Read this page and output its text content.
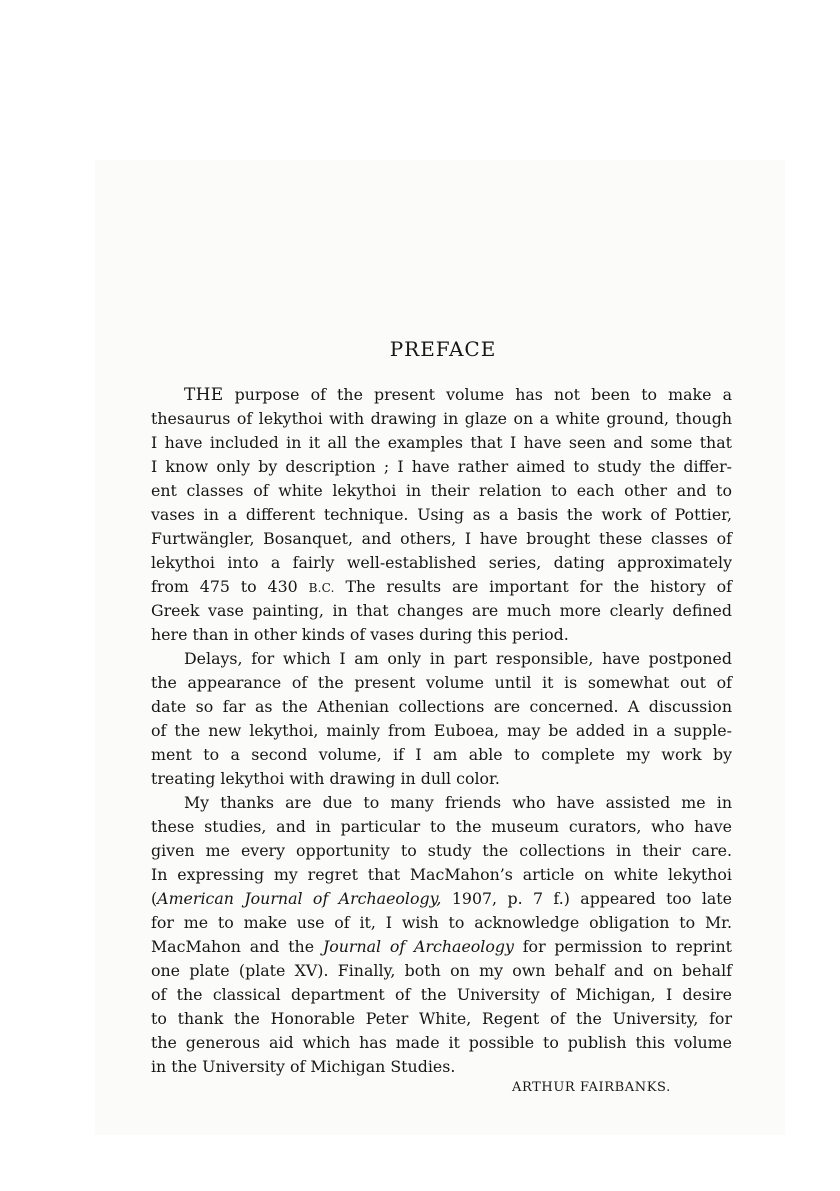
PREFACE
THE purpose of the present volume has not been to make a
thesaurus of lekythoi with drawing in glaze on a white ground, though
I have included in it all the examples that I have seen and some that
I know only by description ; I have rather aimed to study the differ-
ent classes of white lekythoi in their relation to each other and to
vases in a different technique. Using as a basis the work of Pottier,
Furtwängler, Bosanquet, and others, I have brought these classes of
lekythoi into a fairly well-established series, dating approximately
from 475 to 430 B.C. The results are important for the history of
Greek vase painting, in that changes are much more clearly defined
here than in other kinds of vases during this period.
Delays, for which I am only in part responsible, have postponed
the appearance of the present volume until it is somewhat out of
date so far as the Athenian collections are concerned. A discussion
of the new lekythoi, mainly from Euboea, may be added in a supple-
ment to a second volume, if I am able to complete my work by
treating lekythoi with drawing in dull color.
My thanks are due to many friends who have assisted me in
these studies, and in particular to the museum curators, who have
given me every opportunity to study the collections in their care.
In expressing my regret that MacMahon’s article on white lekythoi
(American Journal of Archaeology, 1907, p. 7 f.) appeared too late
for me to make use of it, I wish to acknowledge obligation to Mr.
MacMahon and the Journal of Archaeology for permission to reprint
one plate (plate XV). Finally, both on my own behalf and on behalf
of the classical department of the University of Michigan, I desire
to thank the Honorable Peter White, Regent of the University, for
the generous aid which has made it possible to publish this volume
in the University of Michigan Studies.
ARTHUR FAIRBANKS.
